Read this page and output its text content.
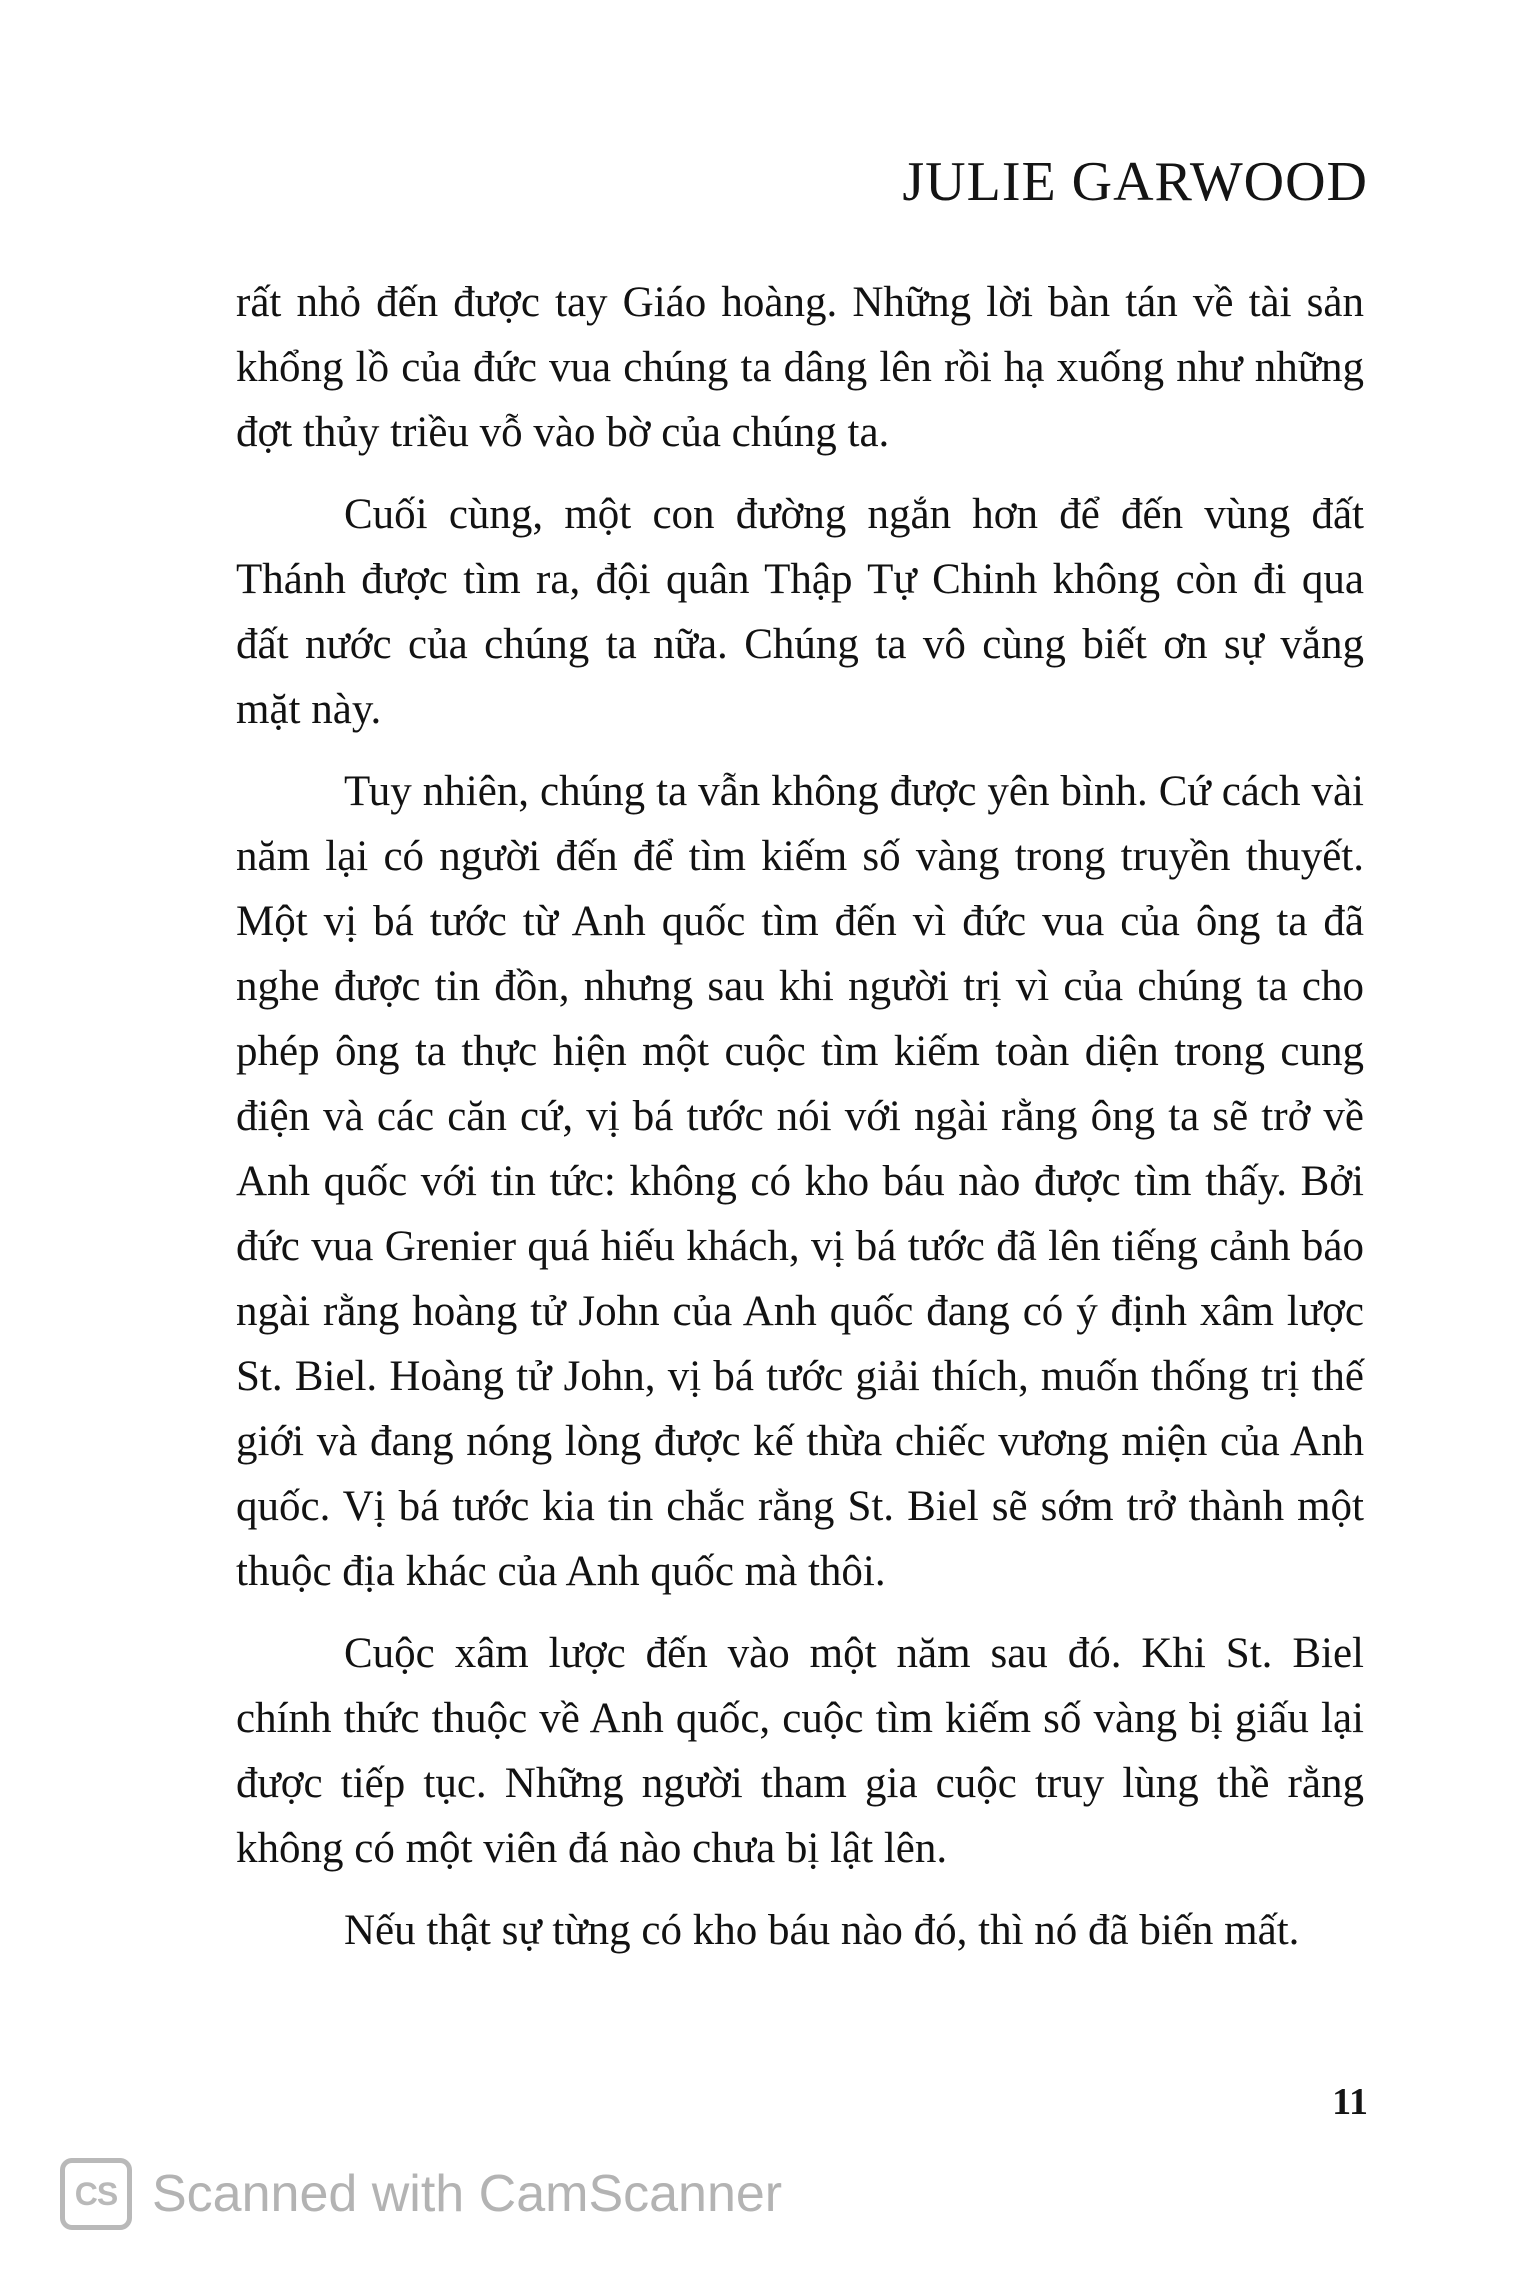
JULIE GARWOOD

rất nhỏ đến được tay Giáo hoàng. Những lời bàn tán về tài sản khổng lồ của đức vua chúng ta dâng lên rồi hạ xuống như những đợt thủy triều vỗ vào bờ của chúng ta.

Cuối cùng, một con đường ngắn hơn để đến vùng đất Thánh được tìm ra, đội quân Thập Tự Chinh không còn đi qua đất nước của chúng ta nữa. Chúng ta vô cùng biết ơn sự vắng mặt này.

Tuy nhiên, chúng ta vẫn không được yên bình. Cứ cách vài năm lại có người đến để tìm kiếm số vàng trong truyền thuyết. Một vị bá tước từ Anh quốc tìm đến vì đức vua của ông ta đã nghe được tin đồn, nhưng sau khi người trị vì của chúng ta cho phép ông ta thực hiện một cuộc tìm kiếm toàn diện trong cung điện và các căn cứ, vị bá tước nói với ngài rằng ông ta sẽ trở về Anh quốc với tin tức: không có kho báu nào được tìm thấy. Bởi đức vua Grenier quá hiếu khách, vị bá tước đã lên tiếng cảnh báo ngài rằng hoàng tử John của Anh quốc đang có ý định xâm lược St. Biel. Hoàng tử John, vị bá tước giải thích, muốn thống trị thế giới và đang nóng lòng được kế thừa chiếc vương miện của Anh quốc. Vị bá tước kia tin chắc rằng St. Biel sẽ sớm trở thành một thuộc địa khác của Anh quốc mà thôi.

Cuộc xâm lược đến vào một năm sau đó. Khi St. Biel chính thức thuộc về Anh quốc, cuộc tìm kiếm số vàng bị giấu lại được tiếp tục. Những người tham gia cuộc truy lùng thề rằng không có một viên đá nào chưa bị lật lên.

Nếu thật sự từng có kho báu nào đó, thì nó đã biến mất.

11
CS Scanned with CamScanner
